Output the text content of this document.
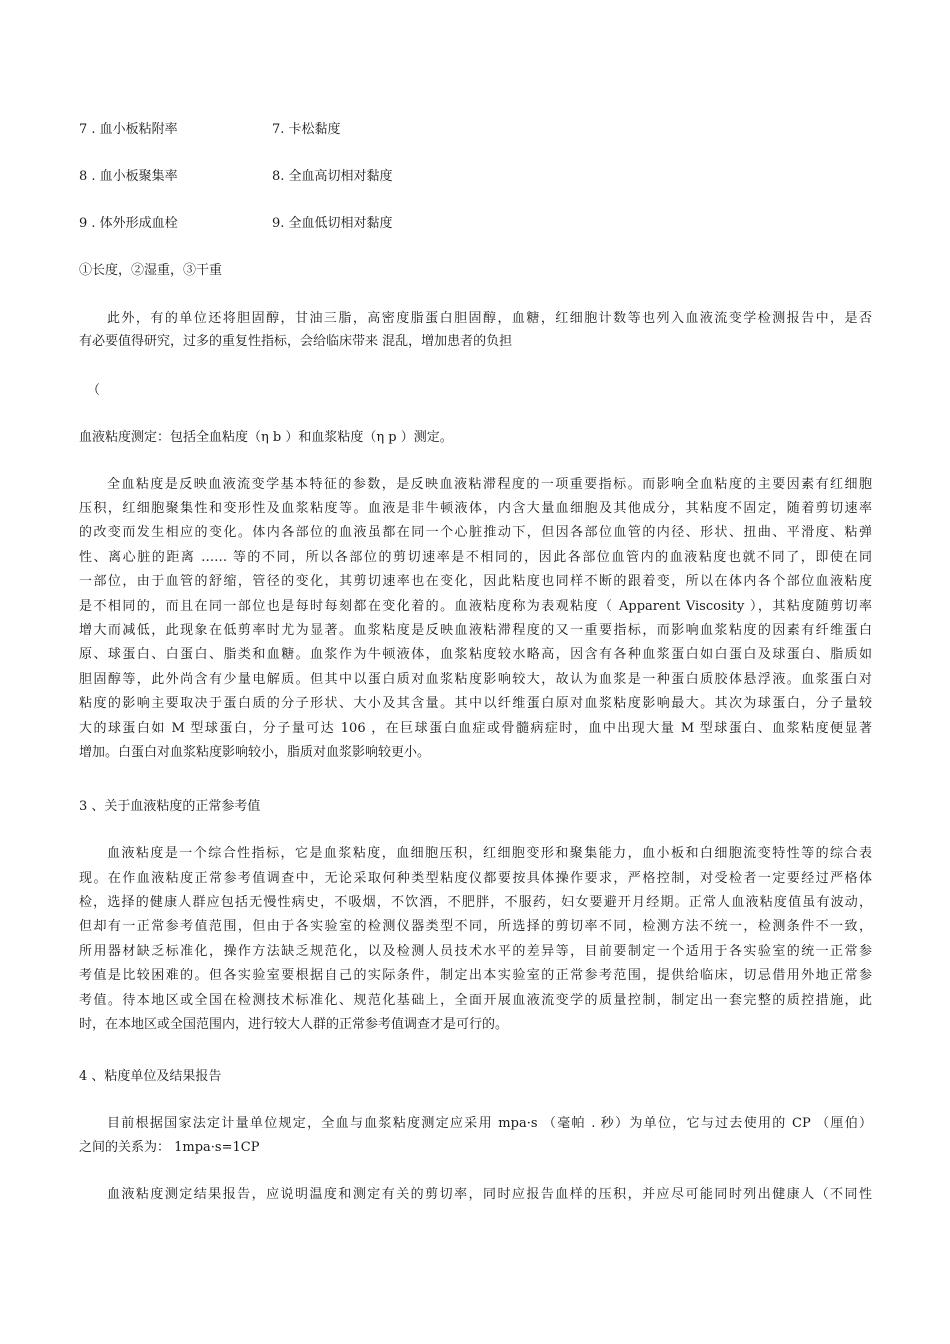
7 . 血小板粘附率	7. 卡松黏度
8 . 血小板聚集率	8. 全血高切相对黏度
9 . 体外形成血栓	9. 全血低切相对黏度
①长度，②湿重，③干重
此外，有的单位还将胆固醇，甘油三脂，高密度脂蛋白胆固醇，血糖，红细胞计数等也列入血液流变学检测报告中，是否
有必要值得研究，过多的重复性指标，会给临床带来 混乱，增加患者的负担
（
血液粘度测定：包括全血粘度（η b ）和血浆粘度（η p ）测定。
全血粘度是反映血液流变学基本特征的参数，是反映血液粘滞程度的一项重要指标。而影响全血粘度的主要因素有红细胞
压积，红细胞聚集性和变形性及血浆粘度等。血液是非牛顿液体，内含大量血细胞及其他成分，其粘度不固定，随着剪切速率
的改变而发生相应的变化。体内各部位的血液虽都在同一个心脏推动下，但因各部位血管的内径、形状、扭曲、平滑度、粘弹
性、离心脏的距离 …… 等的不同，所以各部位的剪切速率是不相同的，因此各部位血管内的血液粘度也就不同了，即使在同
一部位，由于血管的舒缩，管径的变化，其剪切速率也在变化，因此粘度也同样不断的跟着变，所以在体内各个部位血液粘度
是不相同的，而且在同一部位也是每时每刻都在变化着的。血液粘度称为表观粘度（ Apparent Viscosity ），其粘度随剪切率
增大而减低，此现象在低剪率时尤为显著。血浆粘度是反映血液粘滞程度的又一重要指标，而影响血浆粘度的因素有纤维蛋白
原、球蛋白、白蛋白、脂类和血糖。血浆作为牛顿液体，血浆粘度较水略高，因含有各种血浆蛋白如白蛋白及球蛋白、脂质如
胆固醇等，此外尚含有少量电解质。但其中以蛋白质对血浆粘度影响较大，故认为血浆是一种蛋白质胶体悬浮液。血浆蛋白对
粘度的影响主要取决于蛋白质的分子形状、大小及其含量。其中以纤维蛋白原对血浆粘度影响最大。其次为球蛋白，分子量较
大的球蛋白如 M 型球蛋白，分子量可达 106 ，在巨球蛋白血症或骨髓病症时，血中出现大量 M 型球蛋白、血浆粘度便显著
增加。白蛋白对血浆粘度影响较小，脂质对血浆影响较更小。
3 、关于血液粘度的正常参考值
血液粘度是一个综合性指标，它是血浆粘度，血细胞压积，红细胞变形和聚集能力，血小板和白细胞流变特性等的综合表
现。在作血液粘度正常参考值调查中，无论采取何种类型粘度仪都要按具体操作要求，严格控制，对受检者一定要经过严格体
检，选择的健康人群应包括无慢性病史，不吸烟，不饮酒，不肥胖，不服药，妇女要避开月经期。正常人血液粘度值虽有波动，
但却有一正常参考值范围，但由于各实验室的检测仪器类型不同，所选择的剪切率不同，检测方法不统一，检测条件不一致，
所用器材缺乏标准化，操作方法缺乏规范化，以及检测人员技术水平的差异等，目前要制定一个适用于各实验室的统一正常参
考值是比较困难的。但各实验室要根据自己的实际条件，制定出本实验室的正常参考范围，提供给临床，切忌借用外地正常参
考值。待本地区或全国在检测技术标准化、规范化基础上，全面开展血液流变学的质量控制，制定出一套完整的质控措施，此
时，在本地区或全国范围内，进行较大人群的正常参考值调查才是可行的。
4 、粘度单位及结果报告
目前根据国家法定计量单位规定，全血与血浆粘度测定应采用 mpa·s （毫帕 . 秒）为单位，它与过去使用的 CP （厘伯）
之间的关系为： 1mpa·s=1CP
血液粘度测定结果报告，应说明温度和测定有关的剪切率，同时应报告血样的压积，并应尽可能同时列出健康人（不同性
